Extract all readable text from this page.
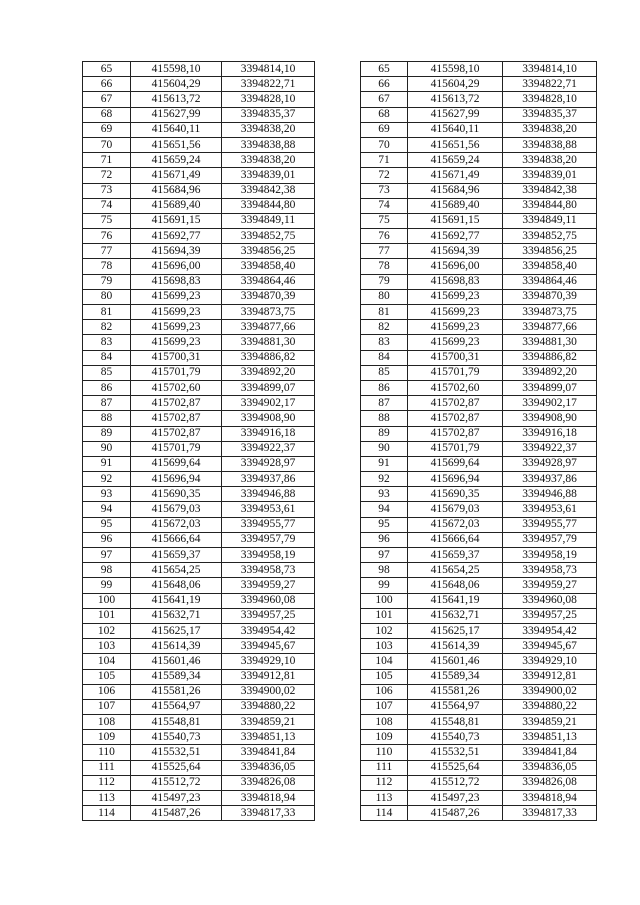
65	415598,10	3394814,10		65	415598,10	3394814,10
66	415604,29	3394822,71		66	415604,29	3394822,71
67	415613,72	3394828,10		67	415613,72	3394828,10
68	415627,99	3394835,37		68	415627,99	3394835,37
69	415640,11	3394838,20		69	415640,11	3394838,20
70	415651,56	3394838,88		70	415651,56	3394838,88
71	415659,24	3394838,20		71	415659,24	3394838,20
72	415671,49	3394839,01		72	415671,49	3394839,01
73	415684,96	3394842,38		73	415684,96	3394842,38
74	415689,40	3394844,80		74	415689,40	3394844,80
75	415691,15	3394849,11		75	415691,15	3394849,11
76	415692,77	3394852,75		76	415692,77	3394852,75
77	415694,39	3394856,25		77	415694,39	3394856,25
78	415696,00	3394858,40		78	415696,00	3394858,40
79	415698,83	3394864,46		79	415698,83	3394864,46
80	415699,23	3394870,39		80	415699,23	3394870,39
81	415699,23	3394873,75		81	415699,23	3394873,75
82	415699,23	3394877,66		82	415699,23	3394877,66
83	415699,23	3394881,30		83	415699,23	3394881,30
84	415700,31	3394886,82		84	415700,31	3394886,82
85	415701,79	3394892,20		85	415701,79	3394892,20
86	415702,60	3394899,07		86	415702,60	3394899,07
87	415702,87	3394902,17		87	415702,87	3394902,17
88	415702,87	3394908,90		88	415702,87	3394908,90
89	415702,87	3394916,18		89	415702,87	3394916,18
90	415701,79	3394922,37		90	415701,79	3394922,37
91	415699,64	3394928,97		91	415699,64	3394928,97
92	415696,94	3394937,86		92	415696,94	3394937,86
93	415690,35	3394946,88		93	415690,35	3394946,88
94	415679,03	3394953,61		94	415679,03	3394953,61
95	415672,03	3394955,77		95	415672,03	3394955,77
96	415666,64	3394957,79		96	415666,64	3394957,79
97	415659,37	3394958,19		97	415659,37	3394958,19
98	415654,25	3394958,73		98	415654,25	3394958,73
99	415648,06	3394959,27		99	415648,06	3394959,27
100	415641,19	3394960,08		100	415641,19	3394960,08
101	415632,71	3394957,25		101	415632,71	3394957,25
102	415625,17	3394954,42		102	415625,17	3394954,42
103	415614,39	3394945,67		103	415614,39	3394945,67
104	415601,46	3394929,10		104	415601,46	3394929,10
105	415589,34	3394912,81		105	415589,34	3394912,81
106	415581,26	3394900,02		106	415581,26	3394900,02
107	415564,97	3394880,22		107	415564,97	3394880,22
108	415548,81	3394859,21		108	415548,81	3394859,21
109	415540,73	3394851,13		109	415540,73	3394851,13
110	415532,51	3394841,84		110	415532,51	3394841,84
111	415525,64	3394836,05		111	415525,64	3394836,05
112	415512,72	3394826,08		112	415512,72	3394826,08
113	415497,23	3394818,94		113	415497,23	3394818,94
114	415487,26	3394817,33		114	415487,26	3394817,33
